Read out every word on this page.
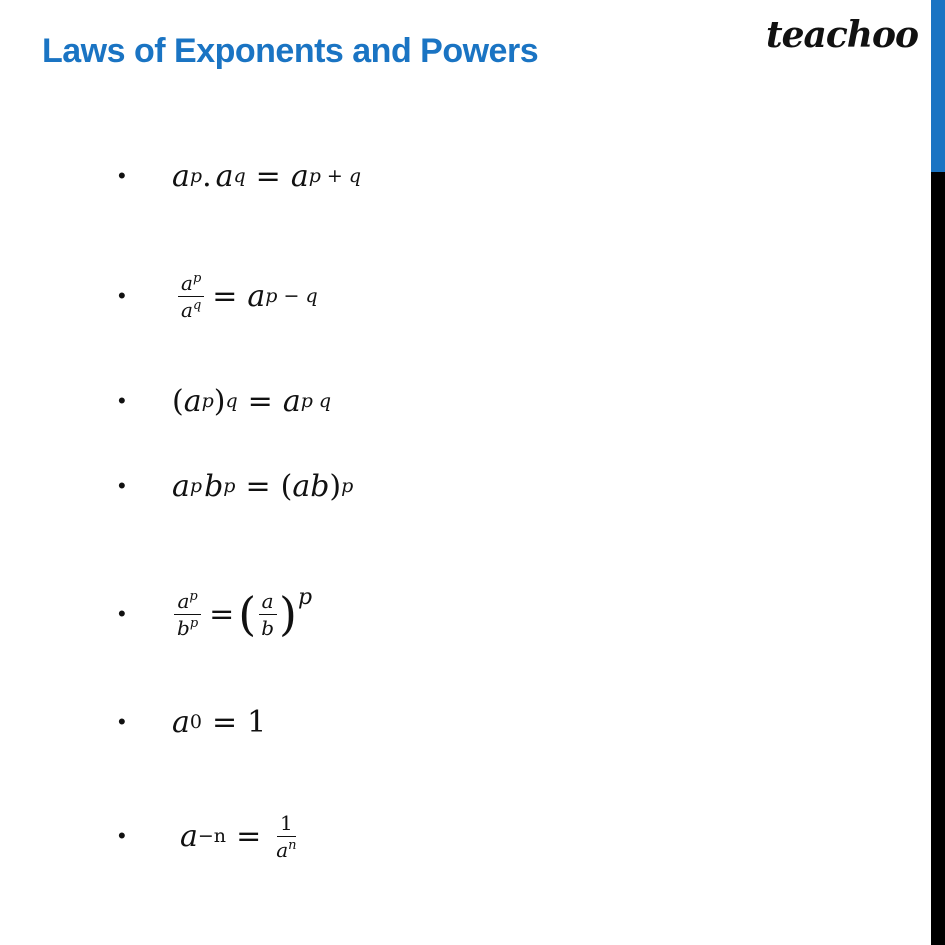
Laws of Exponents and Powers	teachoo
•	a p . a q = a p + q
•	$\frac{a^p}{a^q} = a$ p − q
•	( a p ) q = a p q
•	a p b p = ( ab ) p
•	$\frac{a^p}{b^p}$ = ( $\frac{a}{b}$ ) p
•	a 0 = 1
•	$a -n = \frac{1}{a^n}$
